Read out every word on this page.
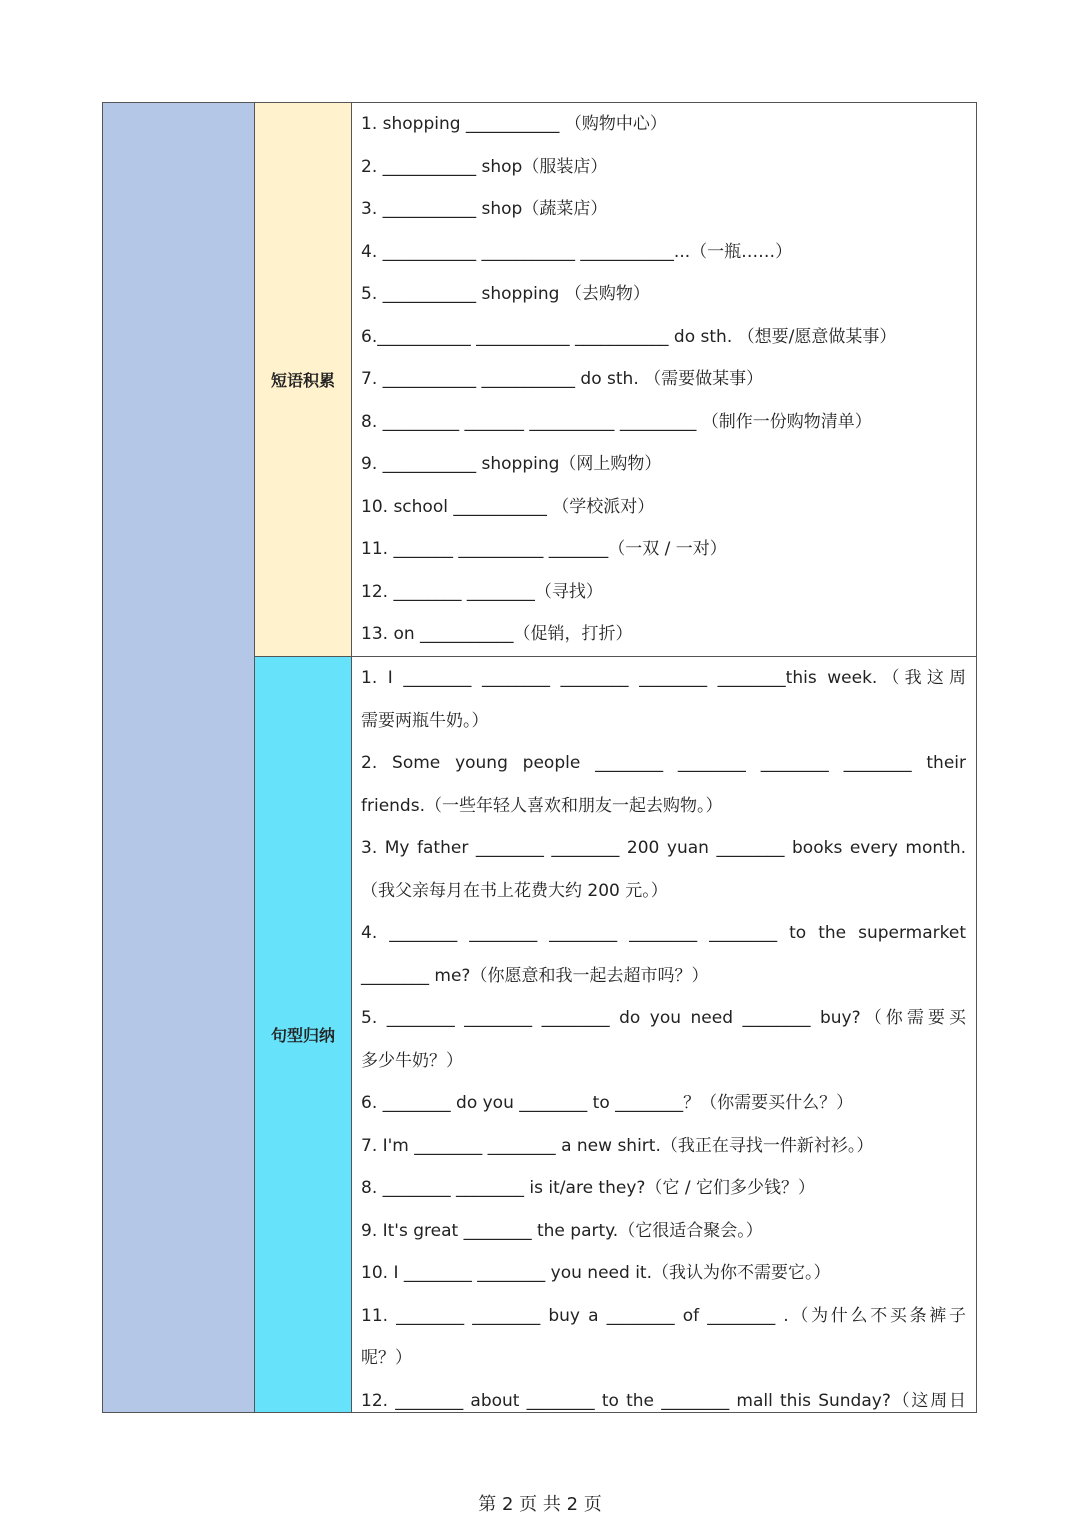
短语积累
句型归纳
1. shopping ___________ （购物中心）
2. ___________ shop（服装店）
3. ___________ shop（蔬菜店）
4. ___________ ___________ ___________...（一瓶……）
5. ___________ shopping （去购物）
6.___________ ___________ ___________ do sth. （想要/愿意做某事）
7. ___________ ___________ do sth. （需要做某事）
8. _________ _______ __________ _________ （制作一份购物清单）
9. ___________ shopping（网上购物）
10. school ___________ （学校派对）
11. _______ __________ _______（一双 / 一对）
12. ________ ________（寻找）
13. on ___________（促销，打折）
1. I ________ ________ ________ ________ ________this week.（我这周
需要两瓶牛奶。）
2. Some young people ________ ________ ________ ________ their
friends.（一些年轻人喜欢和朋友一起去购物。）
3. My father ________ ________ 200 yuan ________ books every month.
（我父亲每月在书上花费大约 200 元。）
4. ________ ________ ________ ________ ________ to the supermarket
________ me?（你愿意和我一起去超市吗？）
5. ________ ________ ________ do you need ________ buy?（你需要买
多少牛奶？）
6. ________ do you ________ to ________？（你需要买什么？）
7. I'm ________ ________ a new shirt.（我正在寻找一件新衬衫。）
8. ________ ________ is it/are they?（它 / 它们多少钱？）
9. It's great ________ the party.（它很适合聚会。）
10. I ________ ________ you need it.（我认为你不需要它。）
11. ________ ________ buy a ________ of ________ .（为什么不买条裤子
呢？）
12. ________ about ________ to the ________ mall this Sunday?（这周日
第 2 页 共 2 页
